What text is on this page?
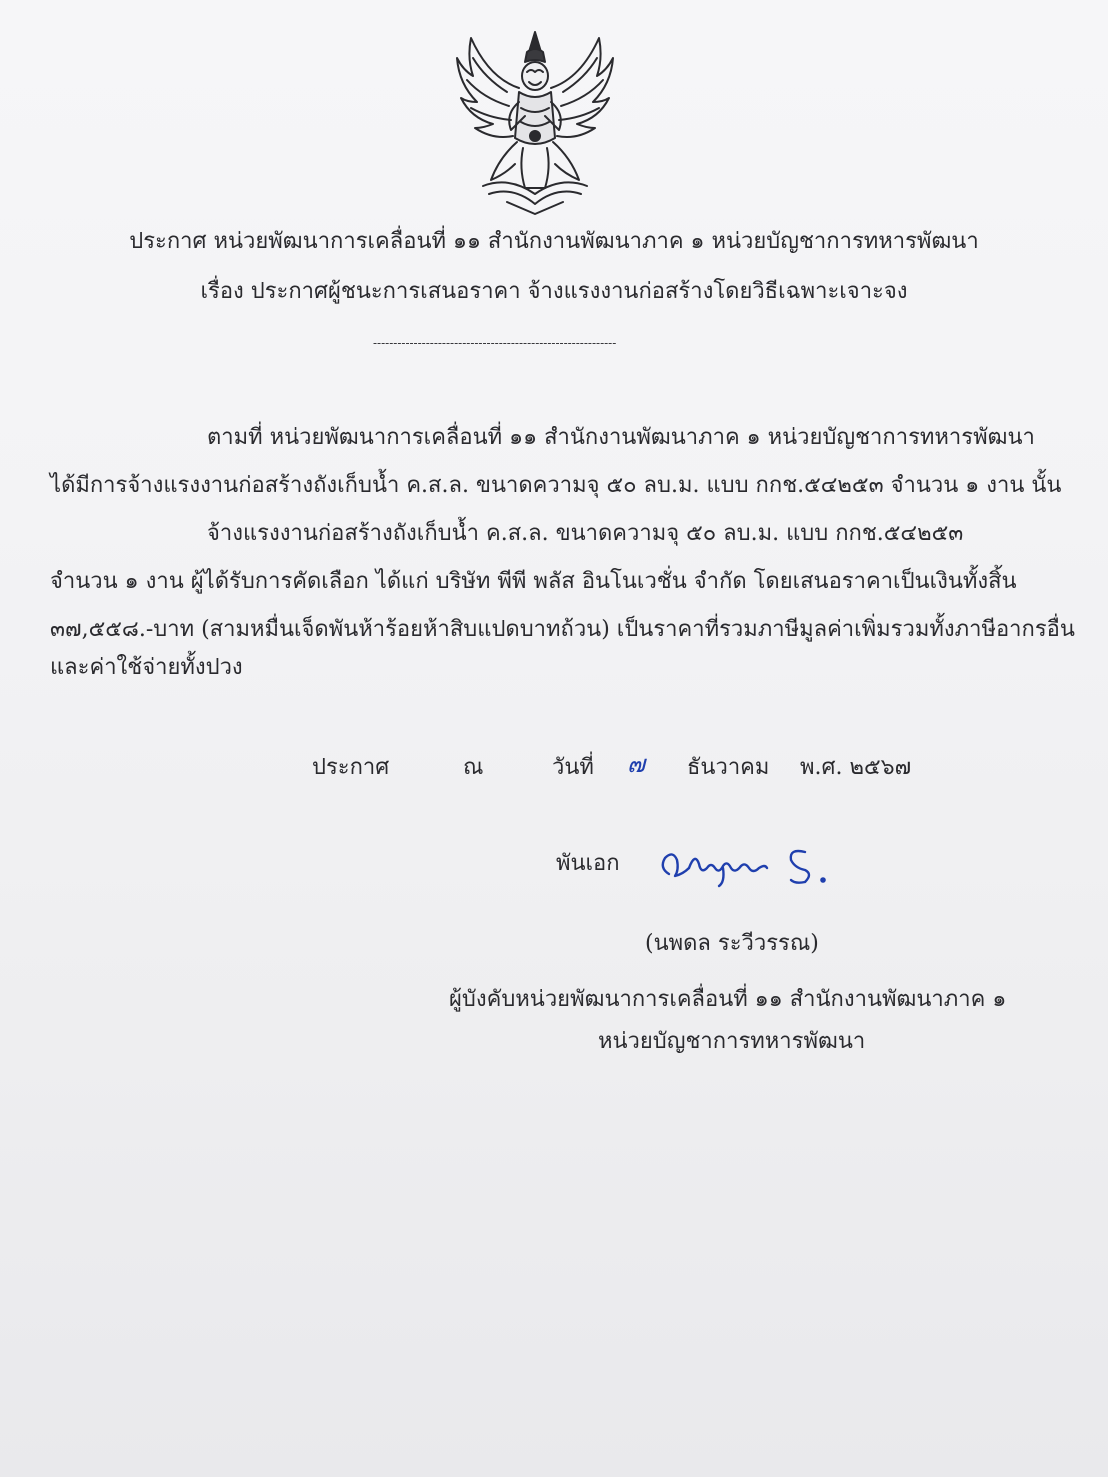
ประกาศ หน่วยพัฒนาการเคลื่อนที่ ๑๑ สำนักงานพัฒนาภาค ๑ หน่วยบัญชาการทหารพัฒนา
เรื่อง ประกาศผู้ชนะการเสนอราคา จ้างแรงงานก่อสร้างโดยวิธีเฉพาะเจาะจง
------------------------------------------------------------
ตามที่ หน่วยพัฒนาการเคลื่อนที่ ๑๑ สำนักงานพัฒนาภาค ๑ หน่วยบัญชาการทหารพัฒนา
ได้มีการจ้างแรงงานก่อสร้างถังเก็บน้ำ ค.ส.ล. ขนาดความจุ ๕๐ ลบ.ม. แบบ กกช.๕๔๒๕๓ จำนวน ๑ งาน นั้น
จ้างแรงงานก่อสร้างถังเก็บน้ำ ค.ส.ล. ขนาดความจุ ๕๐ ลบ.ม. แบบ กกช.๕๔๒๕๓
จำนวน ๑ งาน ผู้ได้รับการคัดเลือก ได้แก่ บริษัท พีพี พลัส อินโนเวชั่น จำกัด โดยเสนอราคาเป็นเงินทั้งสิ้น
๓๗,๕๕๘.-บาท (สามหมื่นเจ็ดพันห้าร้อยห้าสิบแปดบาทถ้วน) เป็นราคาที่รวมภาษีมูลค่าเพิ่มรวมทั้งภาษีอากรอื่น
และค่าใช้จ่ายทั้งปวง
ประกาศ	ณ	วันที่ ๗ ธันวาคม พ.ศ. ๒๕๖๗
พันเอก
(นพดล ระวีวรรณ)
ผู้บังคับหน่วยพัฒนาการเคลื่อนที่ ๑๑ สำนักงานพัฒนาภาค ๑
หน่วยบัญชาการทหารพัฒนา
